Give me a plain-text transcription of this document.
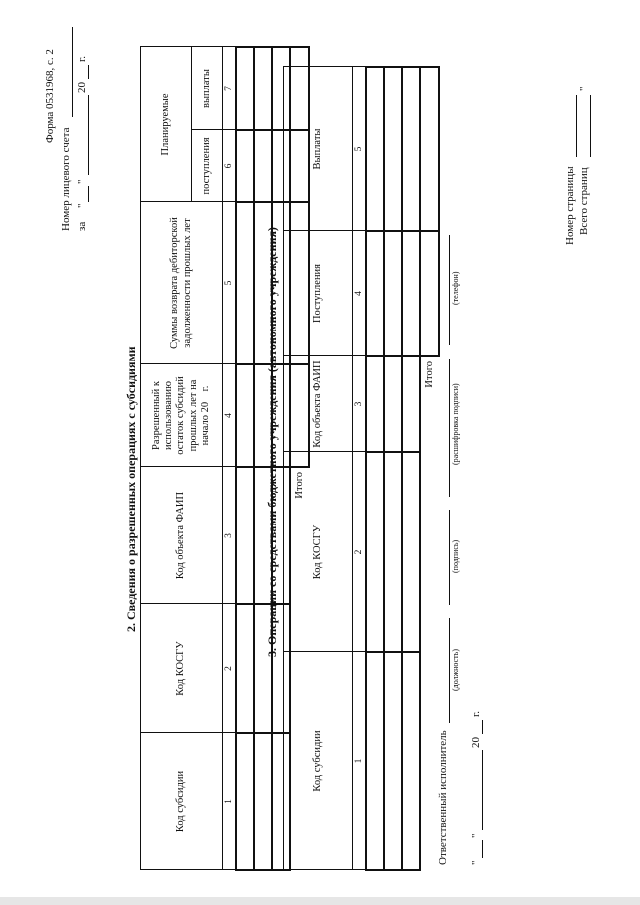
Форма 0531968, с. 2
Номер лицевого счета за
"
"
20
г.
2. Сведения о разрешенных операциях с субсидиями
Код субсидии	Код КОСГУ	Код объекта ФАИП	Разрешенный к использованию остаток субсидий прошлых лет на начало 20    г.	Суммы возврата дебиторской задолженности прошлых лет	Планируемые	
					поступления	выплаты
1	2	3	4	5	6	7

Итого						
3. Операции со средствами бюджетного учреждения (автономного учреждения)
Код субсидии	Код КОСГУ	Код объекта ФАИП	Поступления	Выплаты
1	2	3	4	5

Итого				
Ответственный исполнитель
(должность)
(подпись)
(расшифровка подписи)
(телефон)
"
"
20
г.
Номер страницы Всего страниц
"
